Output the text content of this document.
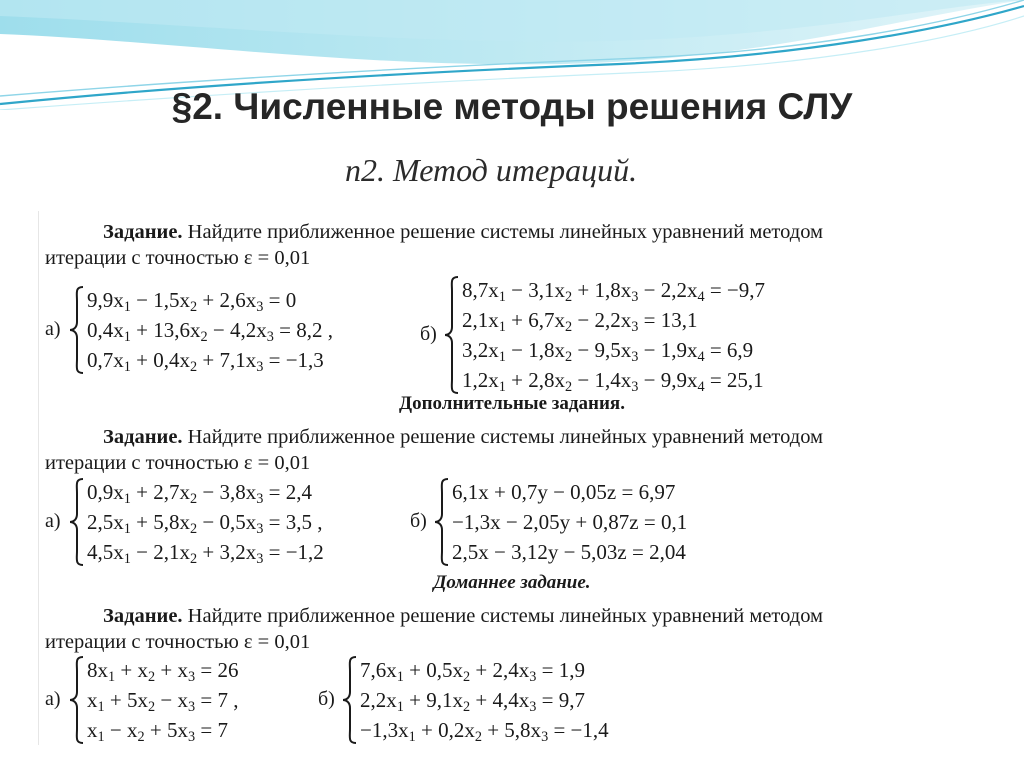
§2. Численные методы решения СЛУ
п2. Метод итераций.
Задание. Найдите приближенное решение системы линейных уравнений методом
итерации с точностью ε = 0,01
а)
$9,9x_1 - 1,5x_2 + 2,6x_3 = 0$
$0,4x_1 + 13,6x_2 - 4,2x_3 = 8,2$ ,
$0,7x_1 + 0,4x_2 + 7,1x_3 = -1,3$
б)
$8,7x_1 - 3,1x_2 + 1,8x_3 - 2,2x_4 = -9,7$
$2,1x_1 + 6,7x_2 - 2,2x_3 = 13,1$
$3,2x_1 - 1,8x_2 - 9,5x_3 - 1,9x_4 = 6,9$
$1,2x_1 + 2,8x_2 - 1,4x_3 - 9,9x_4 = 25,1$
Дополнительные задания.
Задание. Найдите приближенное решение системы линейных уравнений методом
итерации с точностью ε = 0,01
а)
$0,9x_1 + 2,7x_2 - 3,8x_3 = 2,4$
$2,5x_1 + 5,8x_2 - 0,5x_3 = 3,5$ ,
$4,5x_1 - 2,1x_2 + 3,2x_3 = -1,2$
б)
6,1x + 0,7y − 0,05z = 6,97
−1,3x − 2,05y + 0,87z = 0,1
2,5x − 3,12y − 5,03z = 2,04
Доманнее задание.
Задание. Найдите приближенное решение системы линейных уравнений методом
итерации с точностью ε = 0,01
а)
$8x_1 + x_2 + x_3 = 26$
$x_1 + 5x_2 - x_3 = 7$ ,
$x_1 - x_2 + 5x_3 = 7$
б)
$7,6x_1 + 0,5x_2 + 2,4x_3 = 1,9$
$2,2x_1 + 9,1x_2 + 4,4x_3 = 9,7$
$-1,3x_1 + 0,2x_2 + 5,8x_3 = -1,4$
